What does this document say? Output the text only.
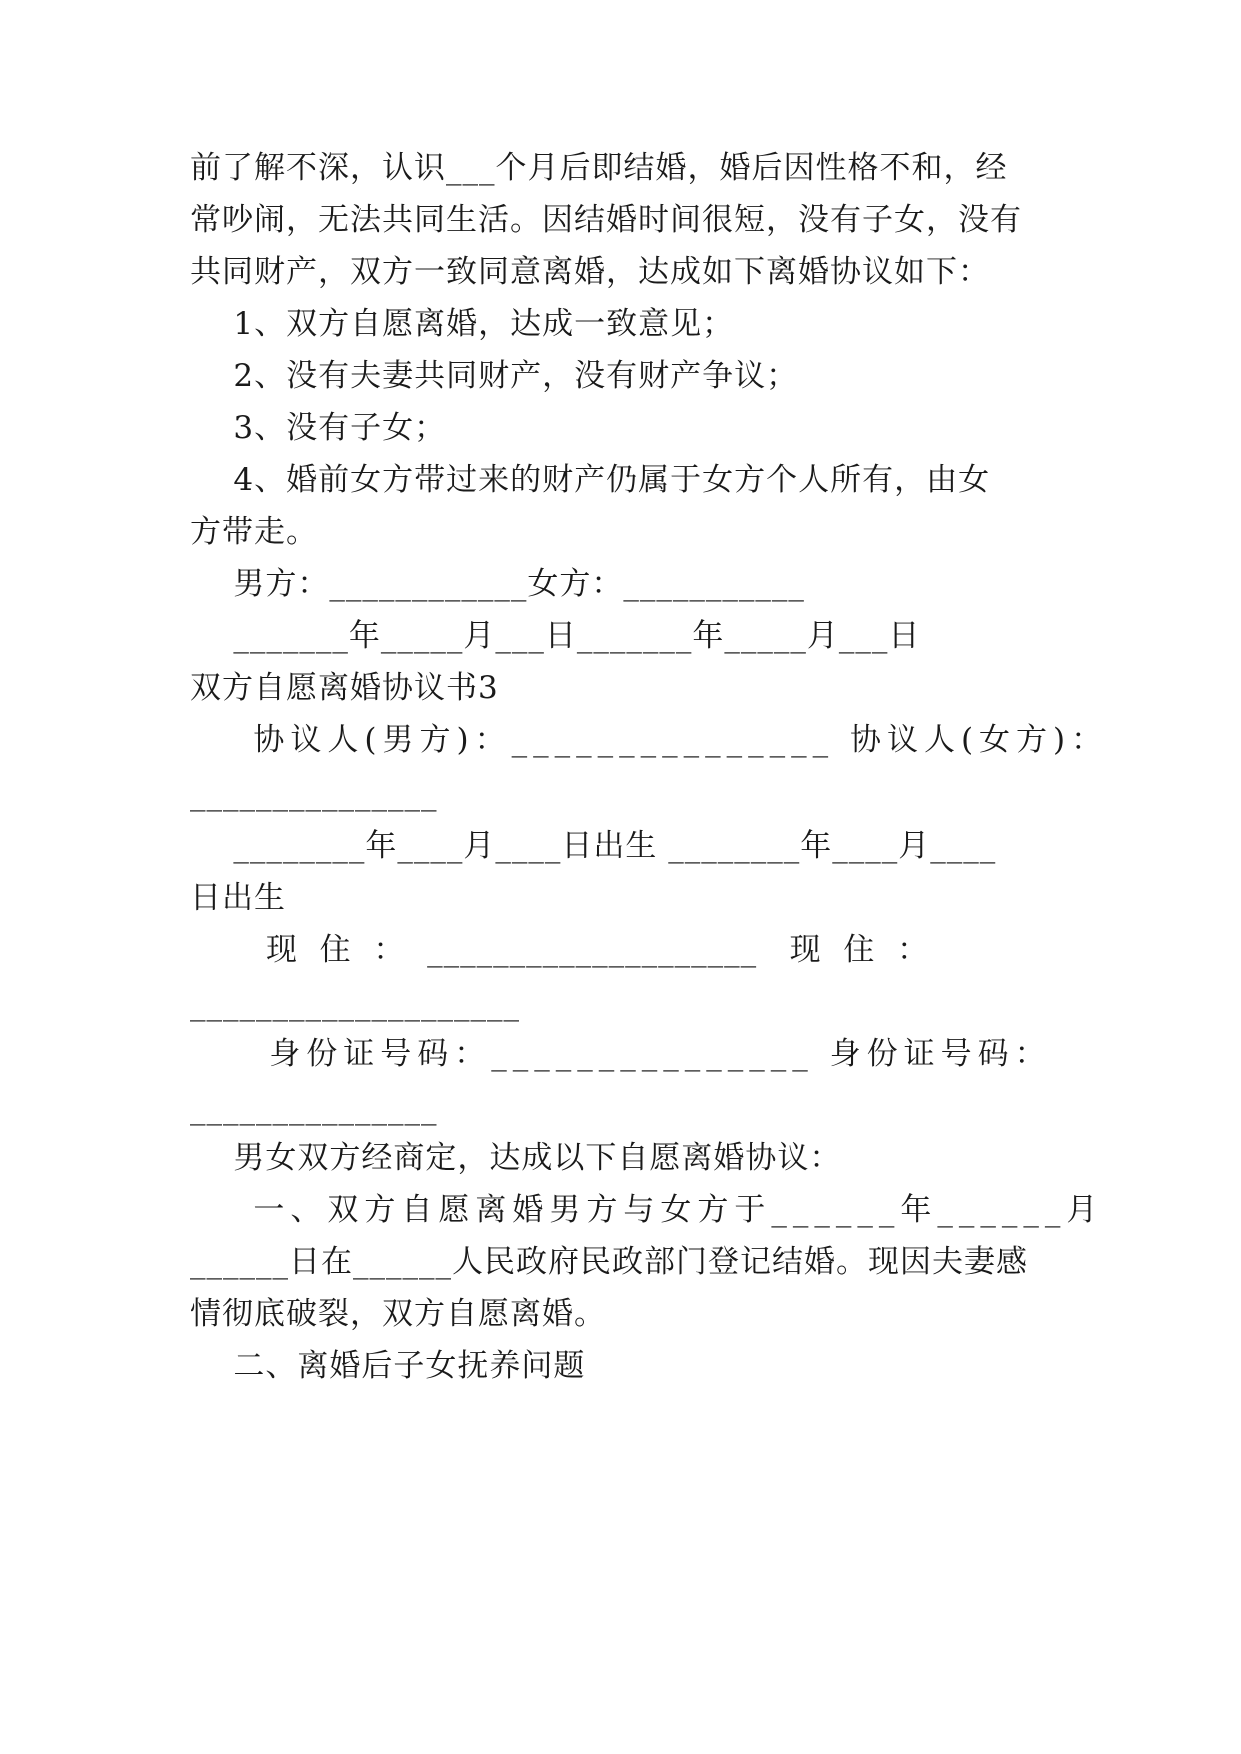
前了解不深，认识___个月后即结婚，婚后因性格不和，经
常吵闹，无法共同生活。因结婚时间很短，没有子女，没有
共同财产，双方一致同意离婚，达成如下离婚协议如下：
1、双方自愿离婚，达成一致意见；
2、没有夫妻共同财产，没有财产争议；
3、没有子女；
4、婚前女方带过来的财产仍属于女方个人所有，由女
方带走。
男方：____________女方：___________
_______年_____月___日_______年_____月___日
双方自愿离婚协议书3
协议人(男方)：_______________ 协议人(女方)：
_______________
________年____月____日出生 ________年____月____
日出生
现  住  ：  ____________________   现  住  ：
____________________
身份证号码：_______________ 身份证号码：
_______________
男女双方经商定，达成以下自愿离婚协议：
一、双方自愿离婚男方与女方于______年______月
______日在______人民政府民政部门登记结婚。现因夫妻感
情彻底破裂，双方自愿离婚。
二、离婚后子女抚养问题
